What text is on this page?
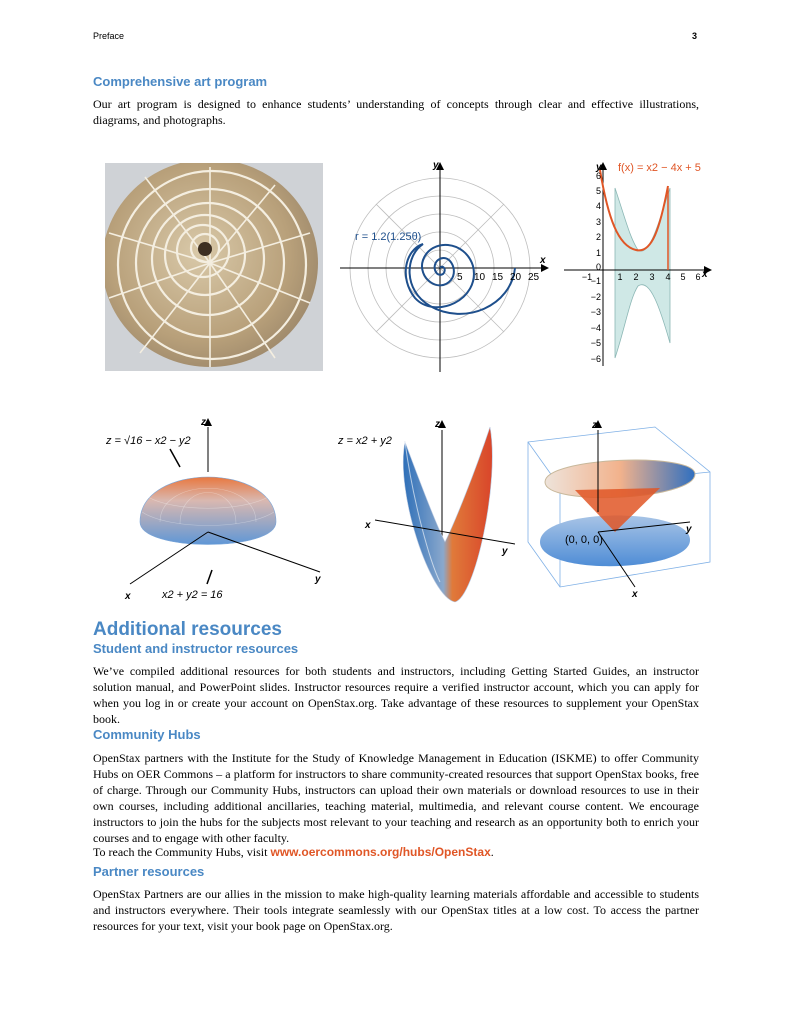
Preface	3
Comprehensive art program

Our art program is designed to enhance students’ understanding of concepts through clear and effective illustrations, diagrams, and photographs.

y
x
r = 1.2(1.25θ)
5 10 15 20 25
y
x
f(x) = x2 − 4x + 5
6
5
4
3
2
1
0
−1
−2
−3
−4
−5
−6
−1	1 2 3 4 5 6
z
x
y
z = √16 − x2 − y2
x2 + y2 = 16
z
x
y
z = x2 + y2
z
x
y
(0, 0, 0)
Additional resources
Student and instructor resources

We’ve compiled additional resources for both students and instructors, including Getting Started Guides, an instructor solution manual, and PowerPoint slides. Instructor resources require a verified instructor account, which you can apply for when you log in or create your account on OpenStax.org. Take advantage of these resources to supplement your OpenStax book.

Community Hubs

OpenStax partners with the Institute for the Study of Knowledge Management in Education (ISKME) to offer Community Hubs on OER Commons – a platform for instructors to share community-created resources that support OpenStax books, free of charge. Through our Community Hubs, instructors can upload their own materials or download resources to use in their own courses, including additional ancillaries, teaching material, multimedia, and relevant course content. We encourage instructors to join the hubs for the subjects most relevant to your teaching and research as an opportunity both to enrich your courses and to engage with other faculty.

To reach the Community Hubs, visit www.oercommons.org/hubs/OpenStax.

Partner resources

OpenStax Partners are our allies in the mission to make high-quality learning materials affordable and accessible to students and instructors everywhere. Their tools integrate seamlessly with our OpenStax titles at a low cost. To access the partner resources for your text, visit your book page on OpenStax.org.
